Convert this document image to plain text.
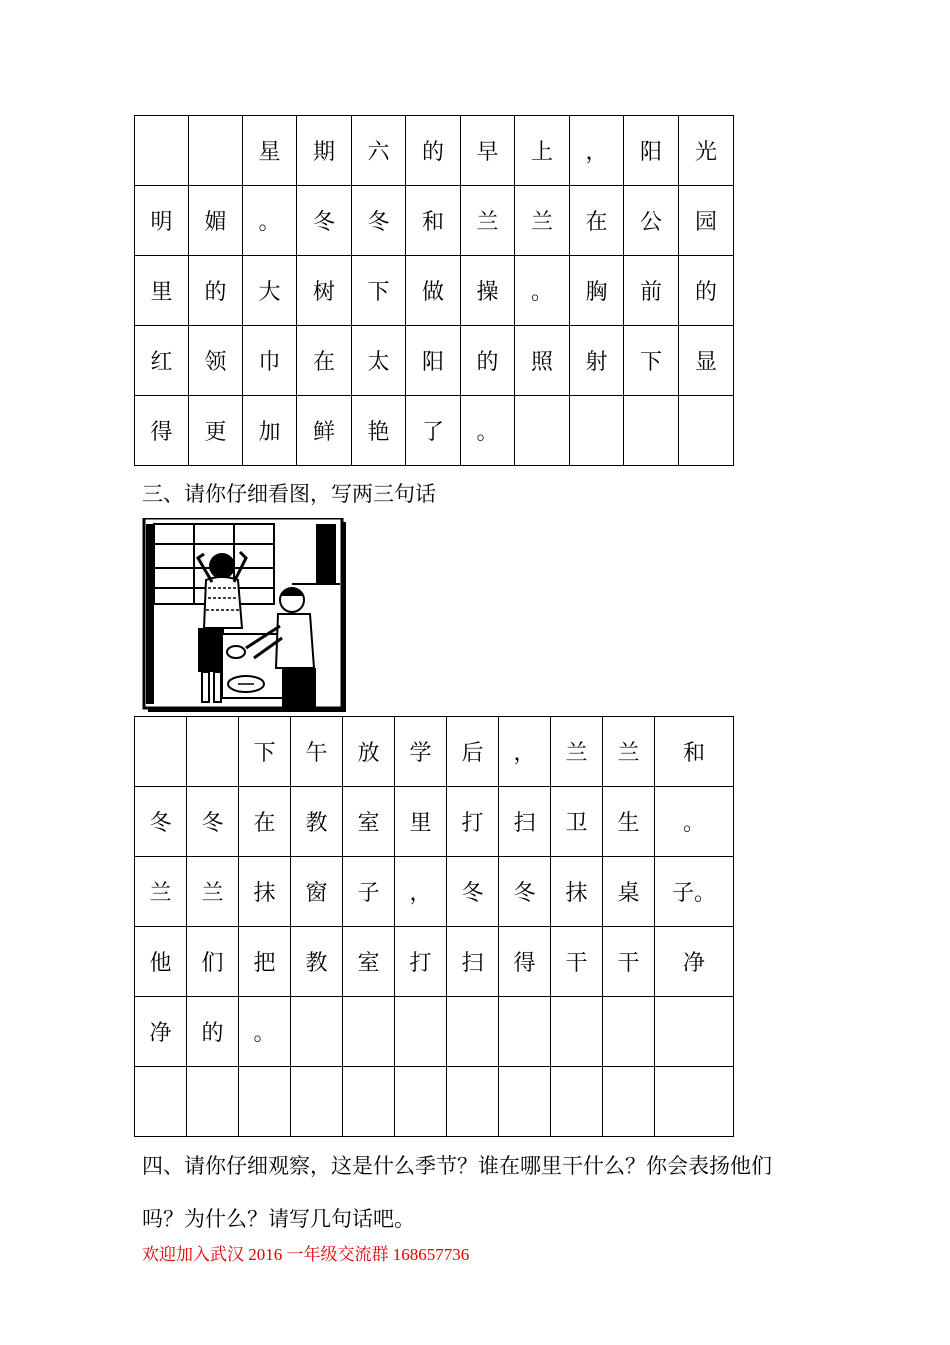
		星	期	六	的	早	上	，	阳	光
明	媚	。	冬	冬	和	兰	兰	在	公	园
里	的	大	树	下	做	操	。	胸	前	的
红	领	巾	在	太	阳	的	照	射	下	显
得	更	加	鲜	艳	了	。				
三、请你仔细看图，写两三句话
		下	午	放	学	后	，	兰	兰	和
冬	冬	在	教	室	里	打	扫	卫	生	。
兰	兰	抹	窗	子	，	冬	冬	抹	桌	子。
他	们	把	教	室	打	扫	得	干	干	净
净	的	。								

四、请你仔细观察，这是什么季节？谁在哪里干什么？你会表扬他们
吗？为什么？请写几句话吧。
欢迎加入武汉 2016 一年级交流群 168657736
